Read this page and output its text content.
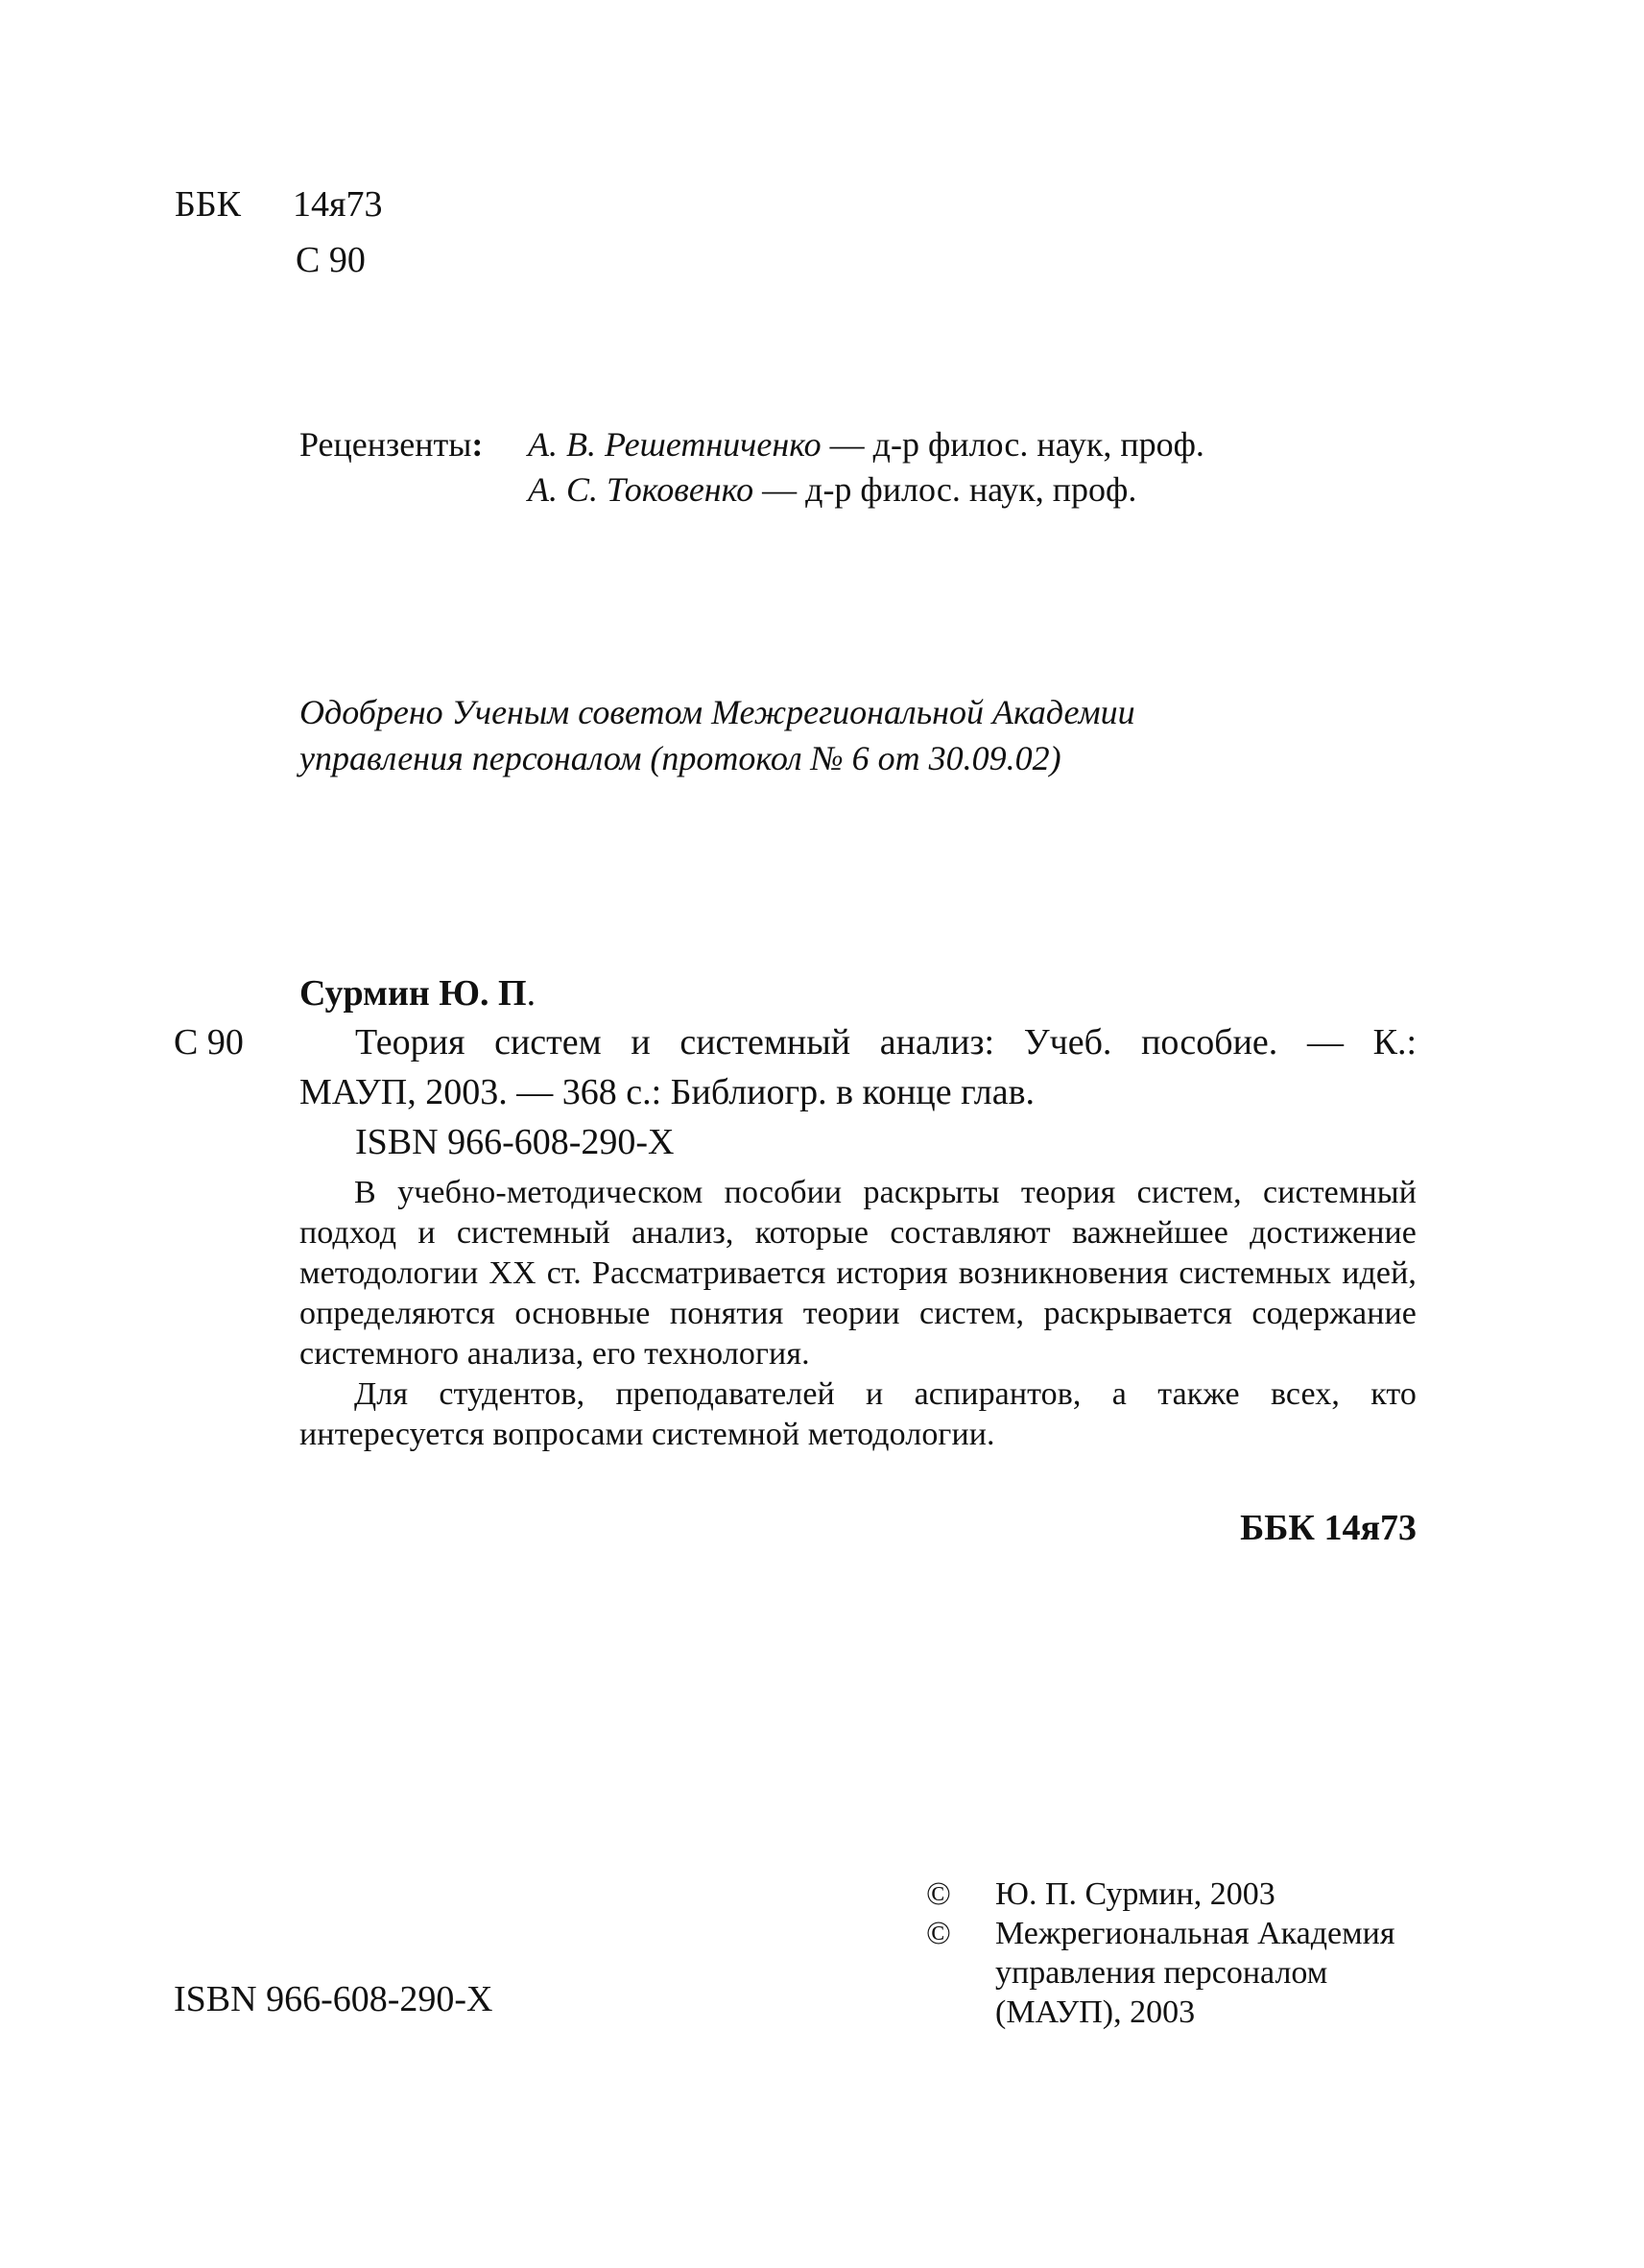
ББК 14я73
С 90
Рецензенты: А. В. Решетниченко — д-р филос. наук, проф.
А. С. Токовенко — д-р филос. наук, проф.
Одобрено Ученым советом Межрегиональной Академии
управления персоналом (протокол № 6 от 30.09.02)
Сурмин Ю. П.
С 90	Теория систем и системный анализ: Учеб. пособие. — К.:
МАУП, 2003. — 368 с.: Библиогр. в конце глав.
ISBN 966-608-290-X

В учебно-методическом пособии раскрыты теория систем, системный подход и системный анализ, которые составляют важнейшее достижение методологии XX ст. Рассматривается история возникновения системных идей, определяются основные понятия теории систем, раскрывается содержание системного анализа, его технология.

Для студентов, преподавателей и аспирантов, а также всех, кто интересуется вопросами системной методологии.

ББК 14я73
ISBN 966-608-290-X
© Ю. П. Сурмин, 2003
© Межрегиональная Академия
управления персоналом
(МАУП), 2003
